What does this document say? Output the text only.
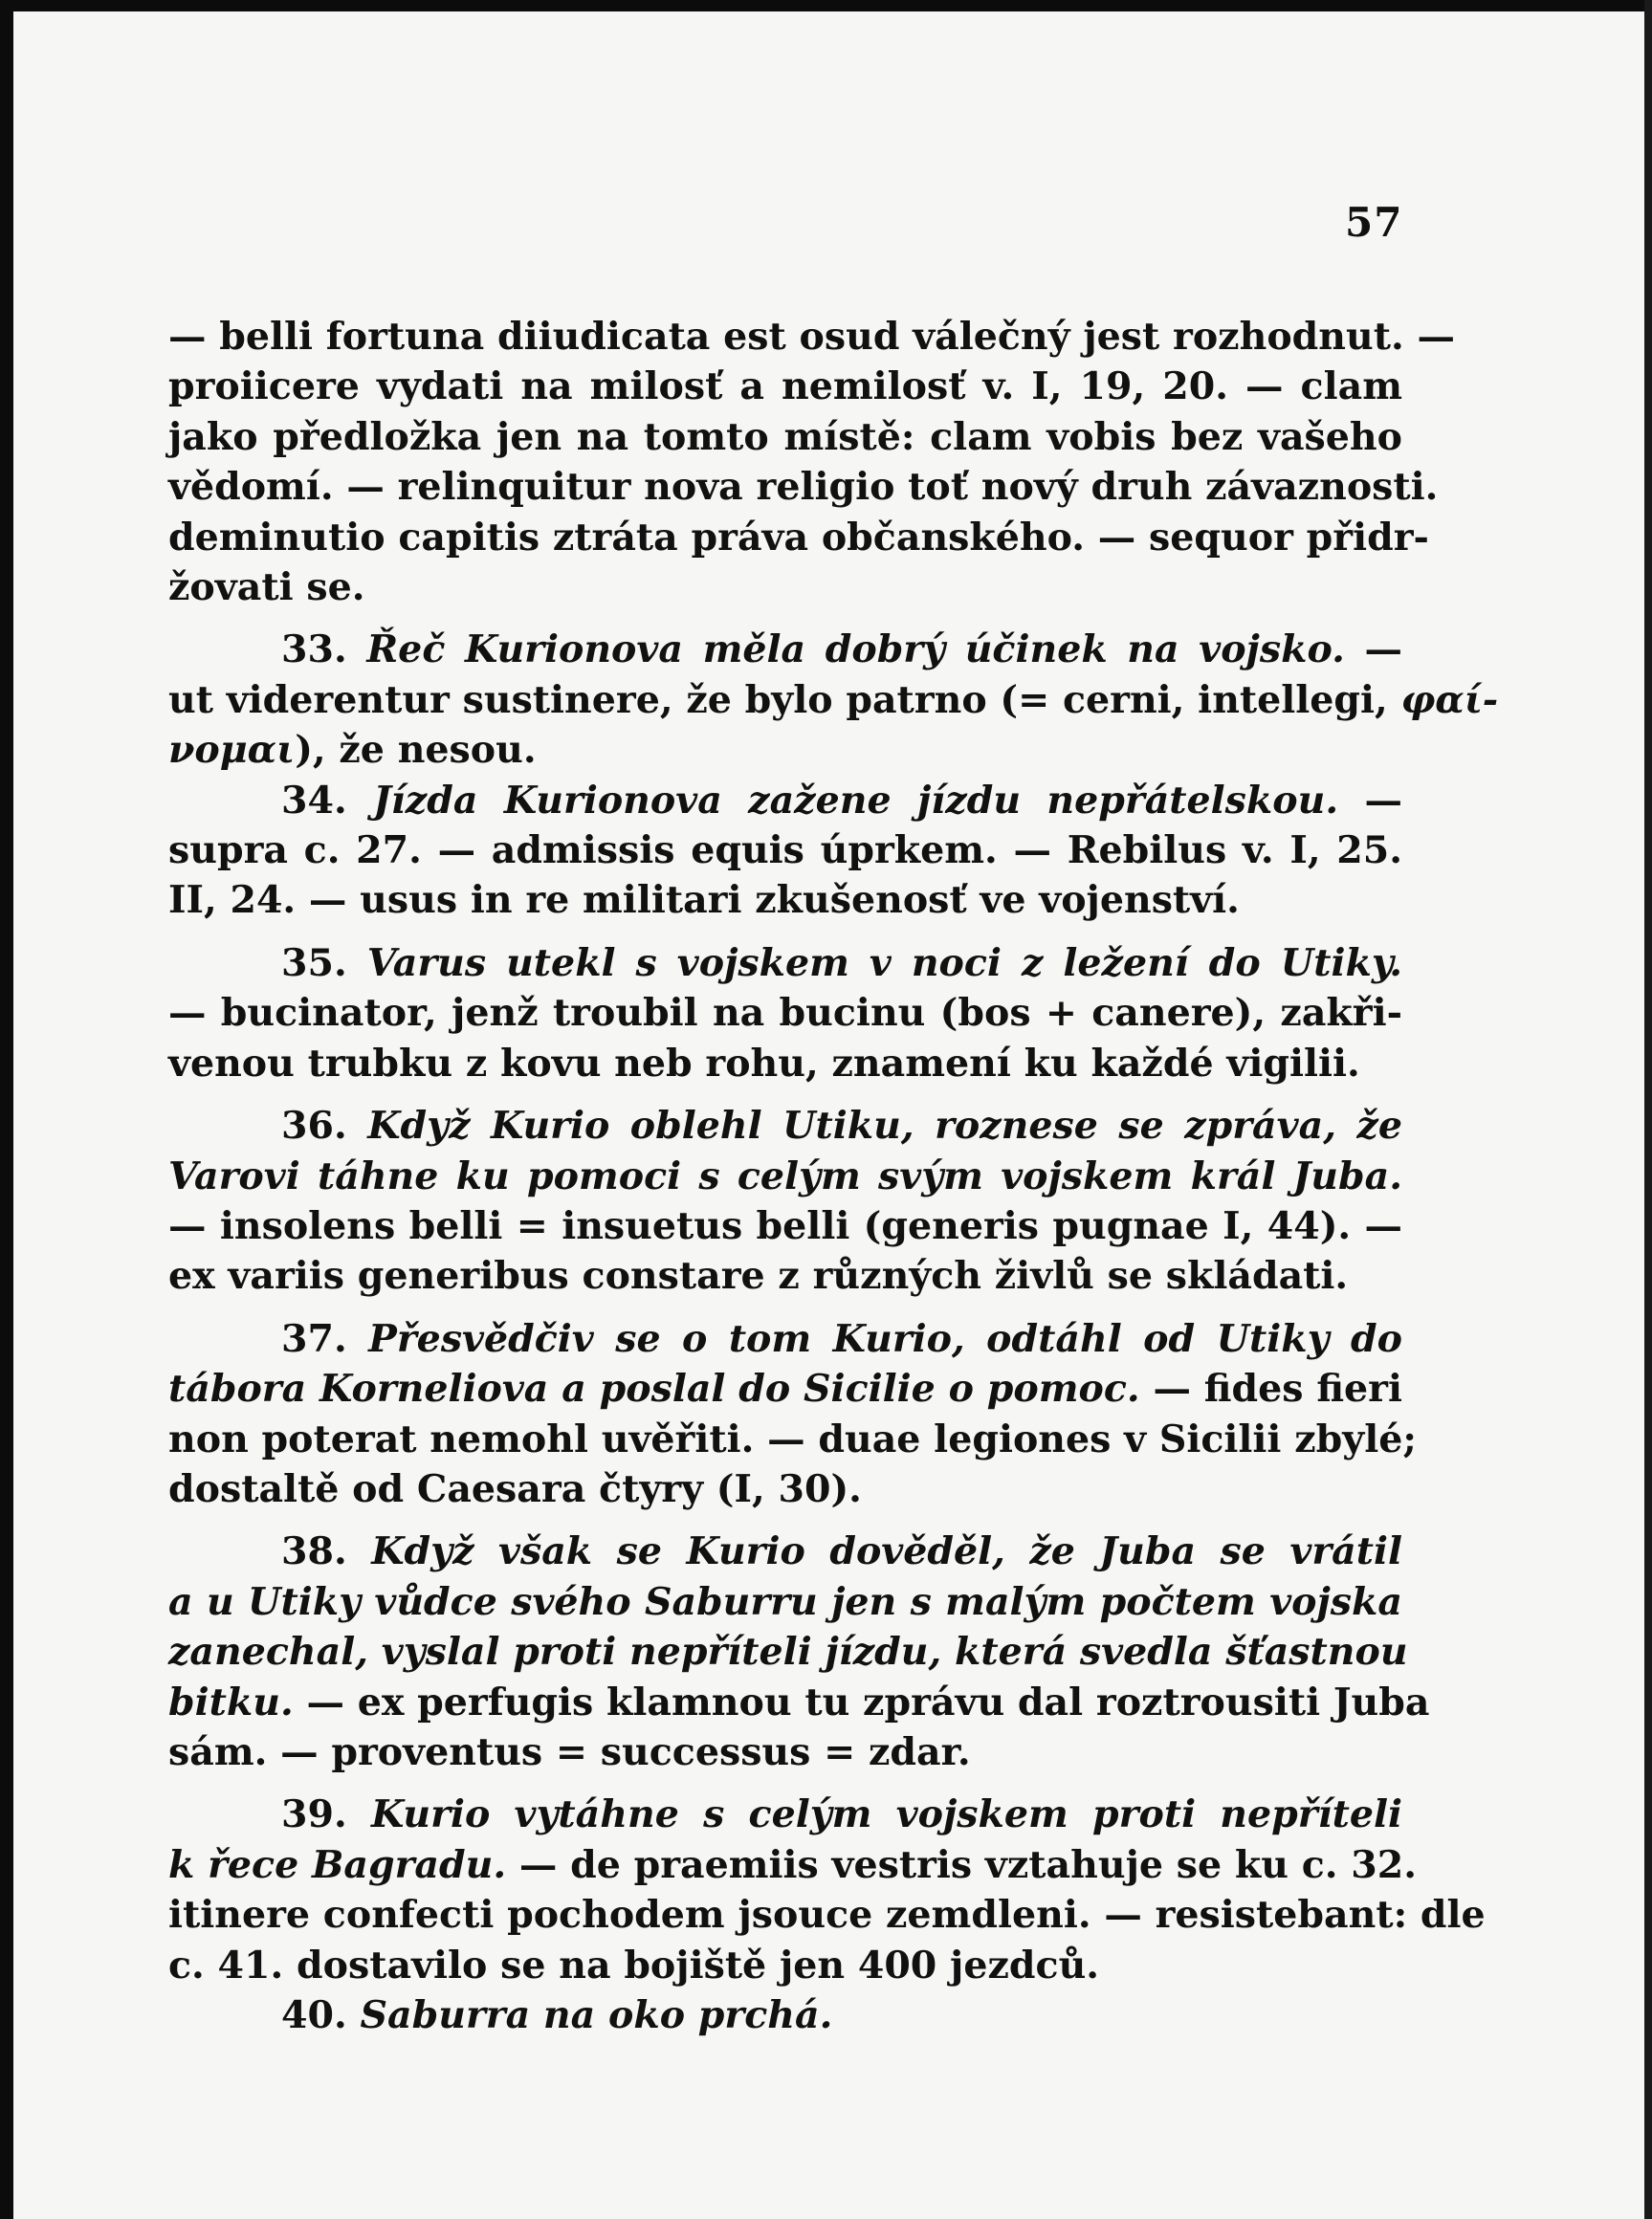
57
— belli fortuna diiudicata est osud válečný jest rozhodnut. —
proiicere vydati na milosť a nemilosť v. I, 19, 20. — clam
jako předložka jen na tomto místě: clam vobis bez vašeho
vědomí. — relinquitur nova religio toť nový druh závaznosti.
deminutio capitis ztráta práva občanského. — sequor přidr-
žovati se.
33. Řeč Kurionova měla dobrý účinek na vojsko. —
ut viderentur sustinere, že bylo patrno (= cerni, intellegi, φαί-
νομαι), že nesou.
34. Jízda Kurionova zažene jízdu nepřátelskou. —
supra c. 27. — admissis equis úprkem. — Rebilus v. I, 25.
II, 24. — usus in re militari zkušenosť ve vojenství.
35. Varus utekl s vojskem v noci z ležení do Utiky.
— bucinator, jenž troubil na bucinu (bos + canere), zakři-
venou trubku z kovu neb rohu, znamení ku každé vigilii.
36. Když Kurio oblehl Utiku, roznese se zpráva, že
Varovi táhne ku pomoci s celým svým vojskem král Juba.
— insolens belli = insuetus belli (generis pugnae I, 44). —
ex variis generibus constare z různých živlů se skládati.
37. Přesvědčiv se o tom Kurio, odtáhl od Utiky do
tábora Korneliova a poslal do Sicilie o pomoc. — fides fieri
non poterat nemohl uvěřiti. — duae legiones v Sicilii zbylé;
dostaltě od Caesara čtyry (I, 30).
38. Když však se Kurio dověděl, že Juba se vrátil
a u Utiky vůdce svého Saburru jen s malým počtem vojska
zanechal, vyslal proti nepříteli jízdu, která svedla šťastnou
bitku. — ex perfugis klamnou tu zprávu dal roztrousiti Juba
sám. — proventus = successus = zdar.
39. Kurio vytáhne s celým vojskem proti nepříteli
k řece Bagradu. — de praemiis vestris vztahuje se ku c. 32.
itinere confecti pochodem jsouce zemdleni. — resistebant: dle
c. 41. dostavilo se na bojiště jen 400 jezdců.
40. Saburra na oko prchá.
